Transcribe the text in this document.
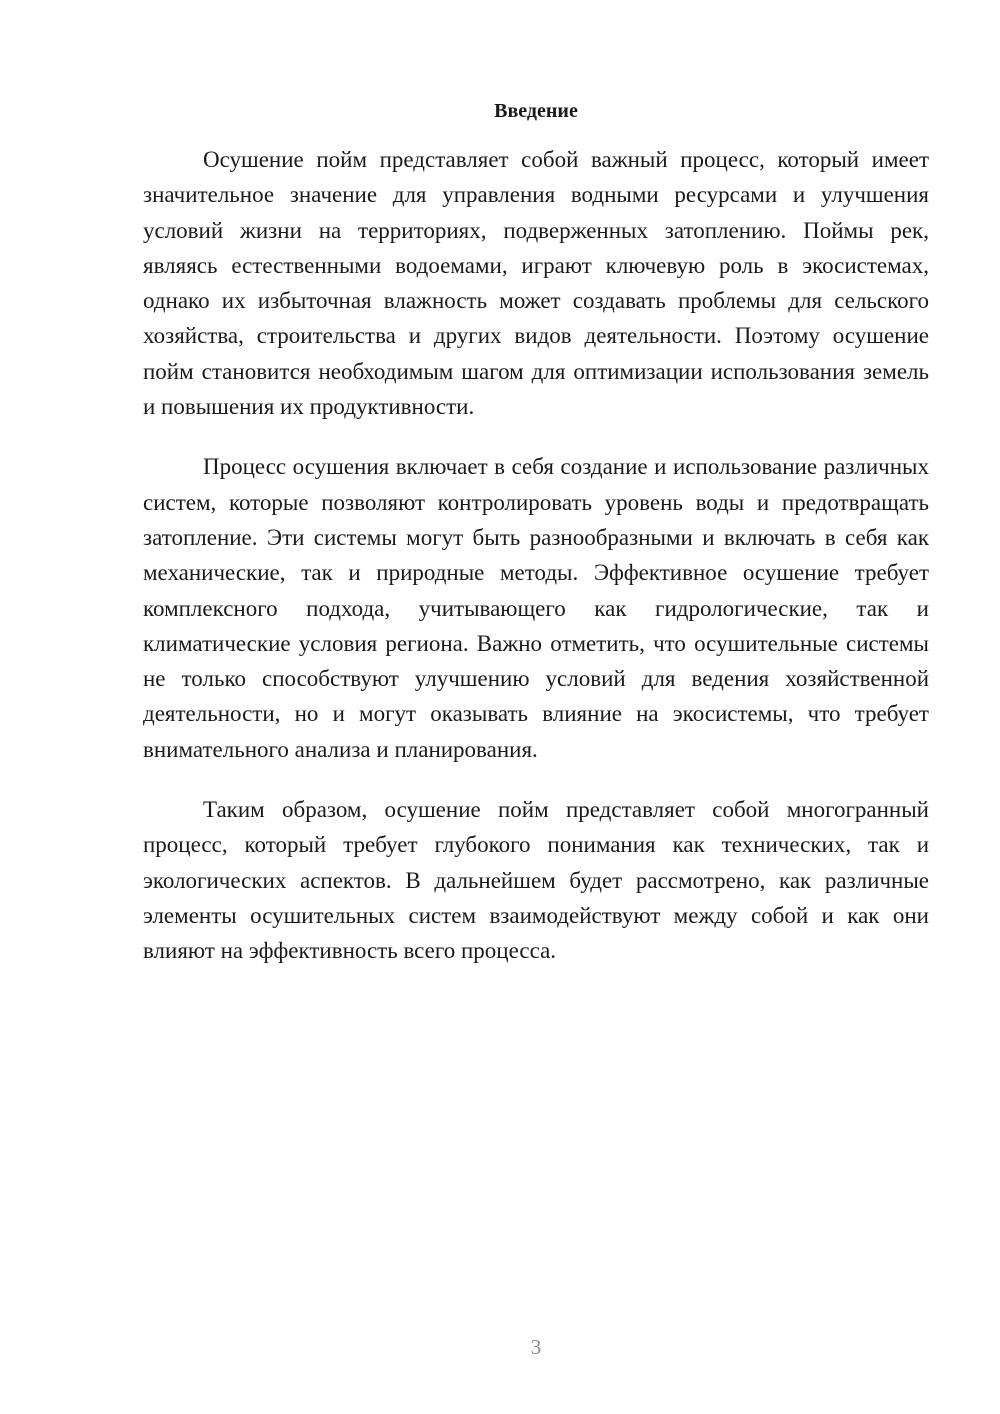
Введение

Осушение пойм представляет собой важный процесс, который имеет значительное значение для управления водными ресурсами и улучшения условий жизни на территориях, подверженных затоплению. Поймы рек, являясь естественными водоемами, играют ключевую роль в экосистемах, однако их избыточная влажность может создавать проблемы для сельского хозяйства, строительства и других видов деятельности. Поэтому осушение пойм становится необходимым шагом для оптимизации использования земель и повышения их продуктивности.

Процесс осушения включает в себя создание и использование различных систем, которые позволяют контролировать уровень воды и предотвращать затопление. Эти системы могут быть разнообразными и включать в себя как механические, так и природные методы. Эффективное осушение требует комплексного подхода, учитывающего как гидрологические, так и климатические условия региона. Важно отметить, что осушительные системы не только способствуют улучшению условий для ведения хозяйственной деятельности, но и могут оказывать влияние на экосистемы, что требует внимательного анализа и планирования.

Таким образом, осушение пойм представляет собой многогранный процесс, который требует глубокого понимания как технических, так и экологических аспектов. В дальнейшем будет рассмотрено, как различные элементы осушительных систем взаимодействуют между собой и как они влияют на эффективность всего процесса.

3
